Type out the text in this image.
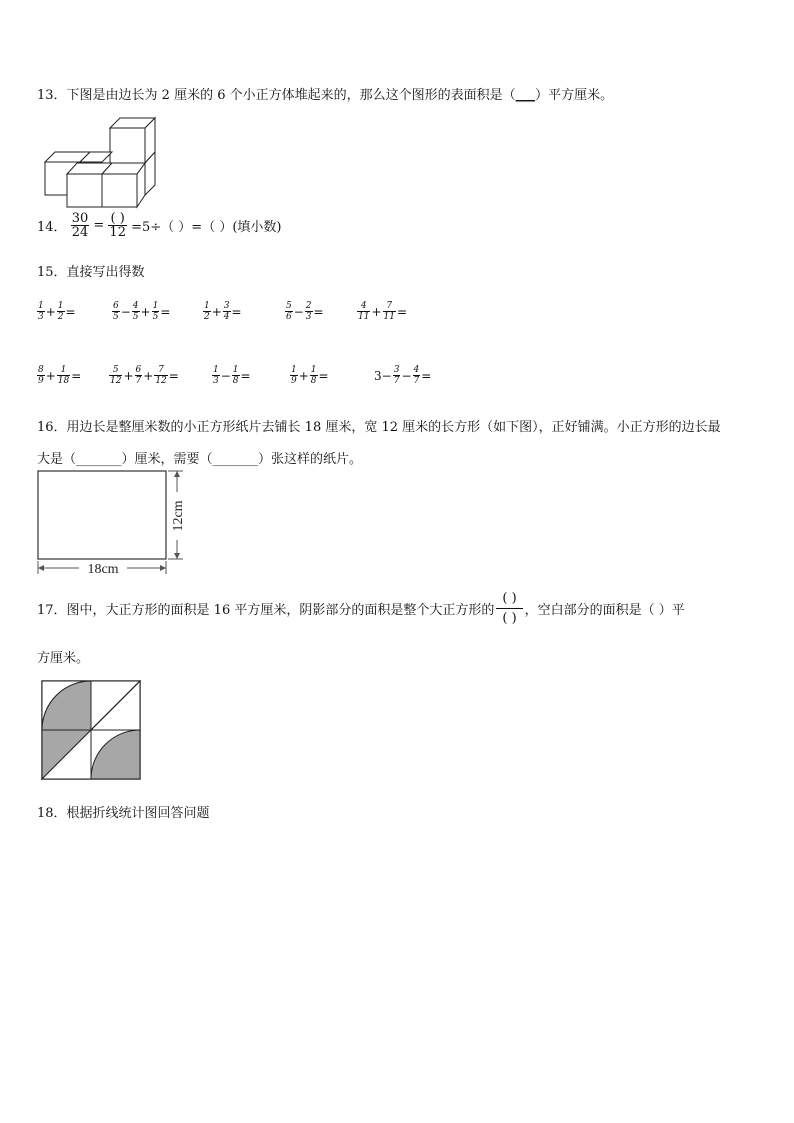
13．下图是由边长为 2 厘米的 6 个小正方体堆起来的，那么这个图形的表面积是（___）平方厘米。
14． $\frac{30}{24} = \frac{( )}{12} =5\div$（ ）=（ ）(填小数)
15．直接写出得数
$\frac{1}{3} + \frac{1}{2}$ =	$\frac{6}{5} - \frac{4}{5} + \frac{1}{5}$ =	$\frac{1}{2} + \frac{3}{4}$ =	$\frac{5}{6} - \frac{2}{3}$ =	$\frac{4}{11} + \frac{7}{11}$ =
$\frac{8}{9} + \frac{1}{18}$ =	$\frac{5}{12} + \frac{6}{7} + \frac{7}{12}$ =	$\frac{1}{3} - \frac{1}{8}$ =	$\frac{1}{9} + \frac{1}{8}$ =	$3- \frac{3}{7} - \frac{4}{7}$ =
16．用边长是整厘米数的小正方形纸片去铺长 18 厘米，宽 12 厘米的长方形（如下图），正好铺满。小正方形的边长最
大是（_______）厘米，需要（_______）张这样的纸片。
18cm
12cm
17．图中，大正方形的面积是 16 平方厘米，阴影部分的面积是整个大正方形的 $\frac{( )}{( )}$ ，空白部分的面积是（ ）平
方厘米。
18．根据折线统计图回答问题
